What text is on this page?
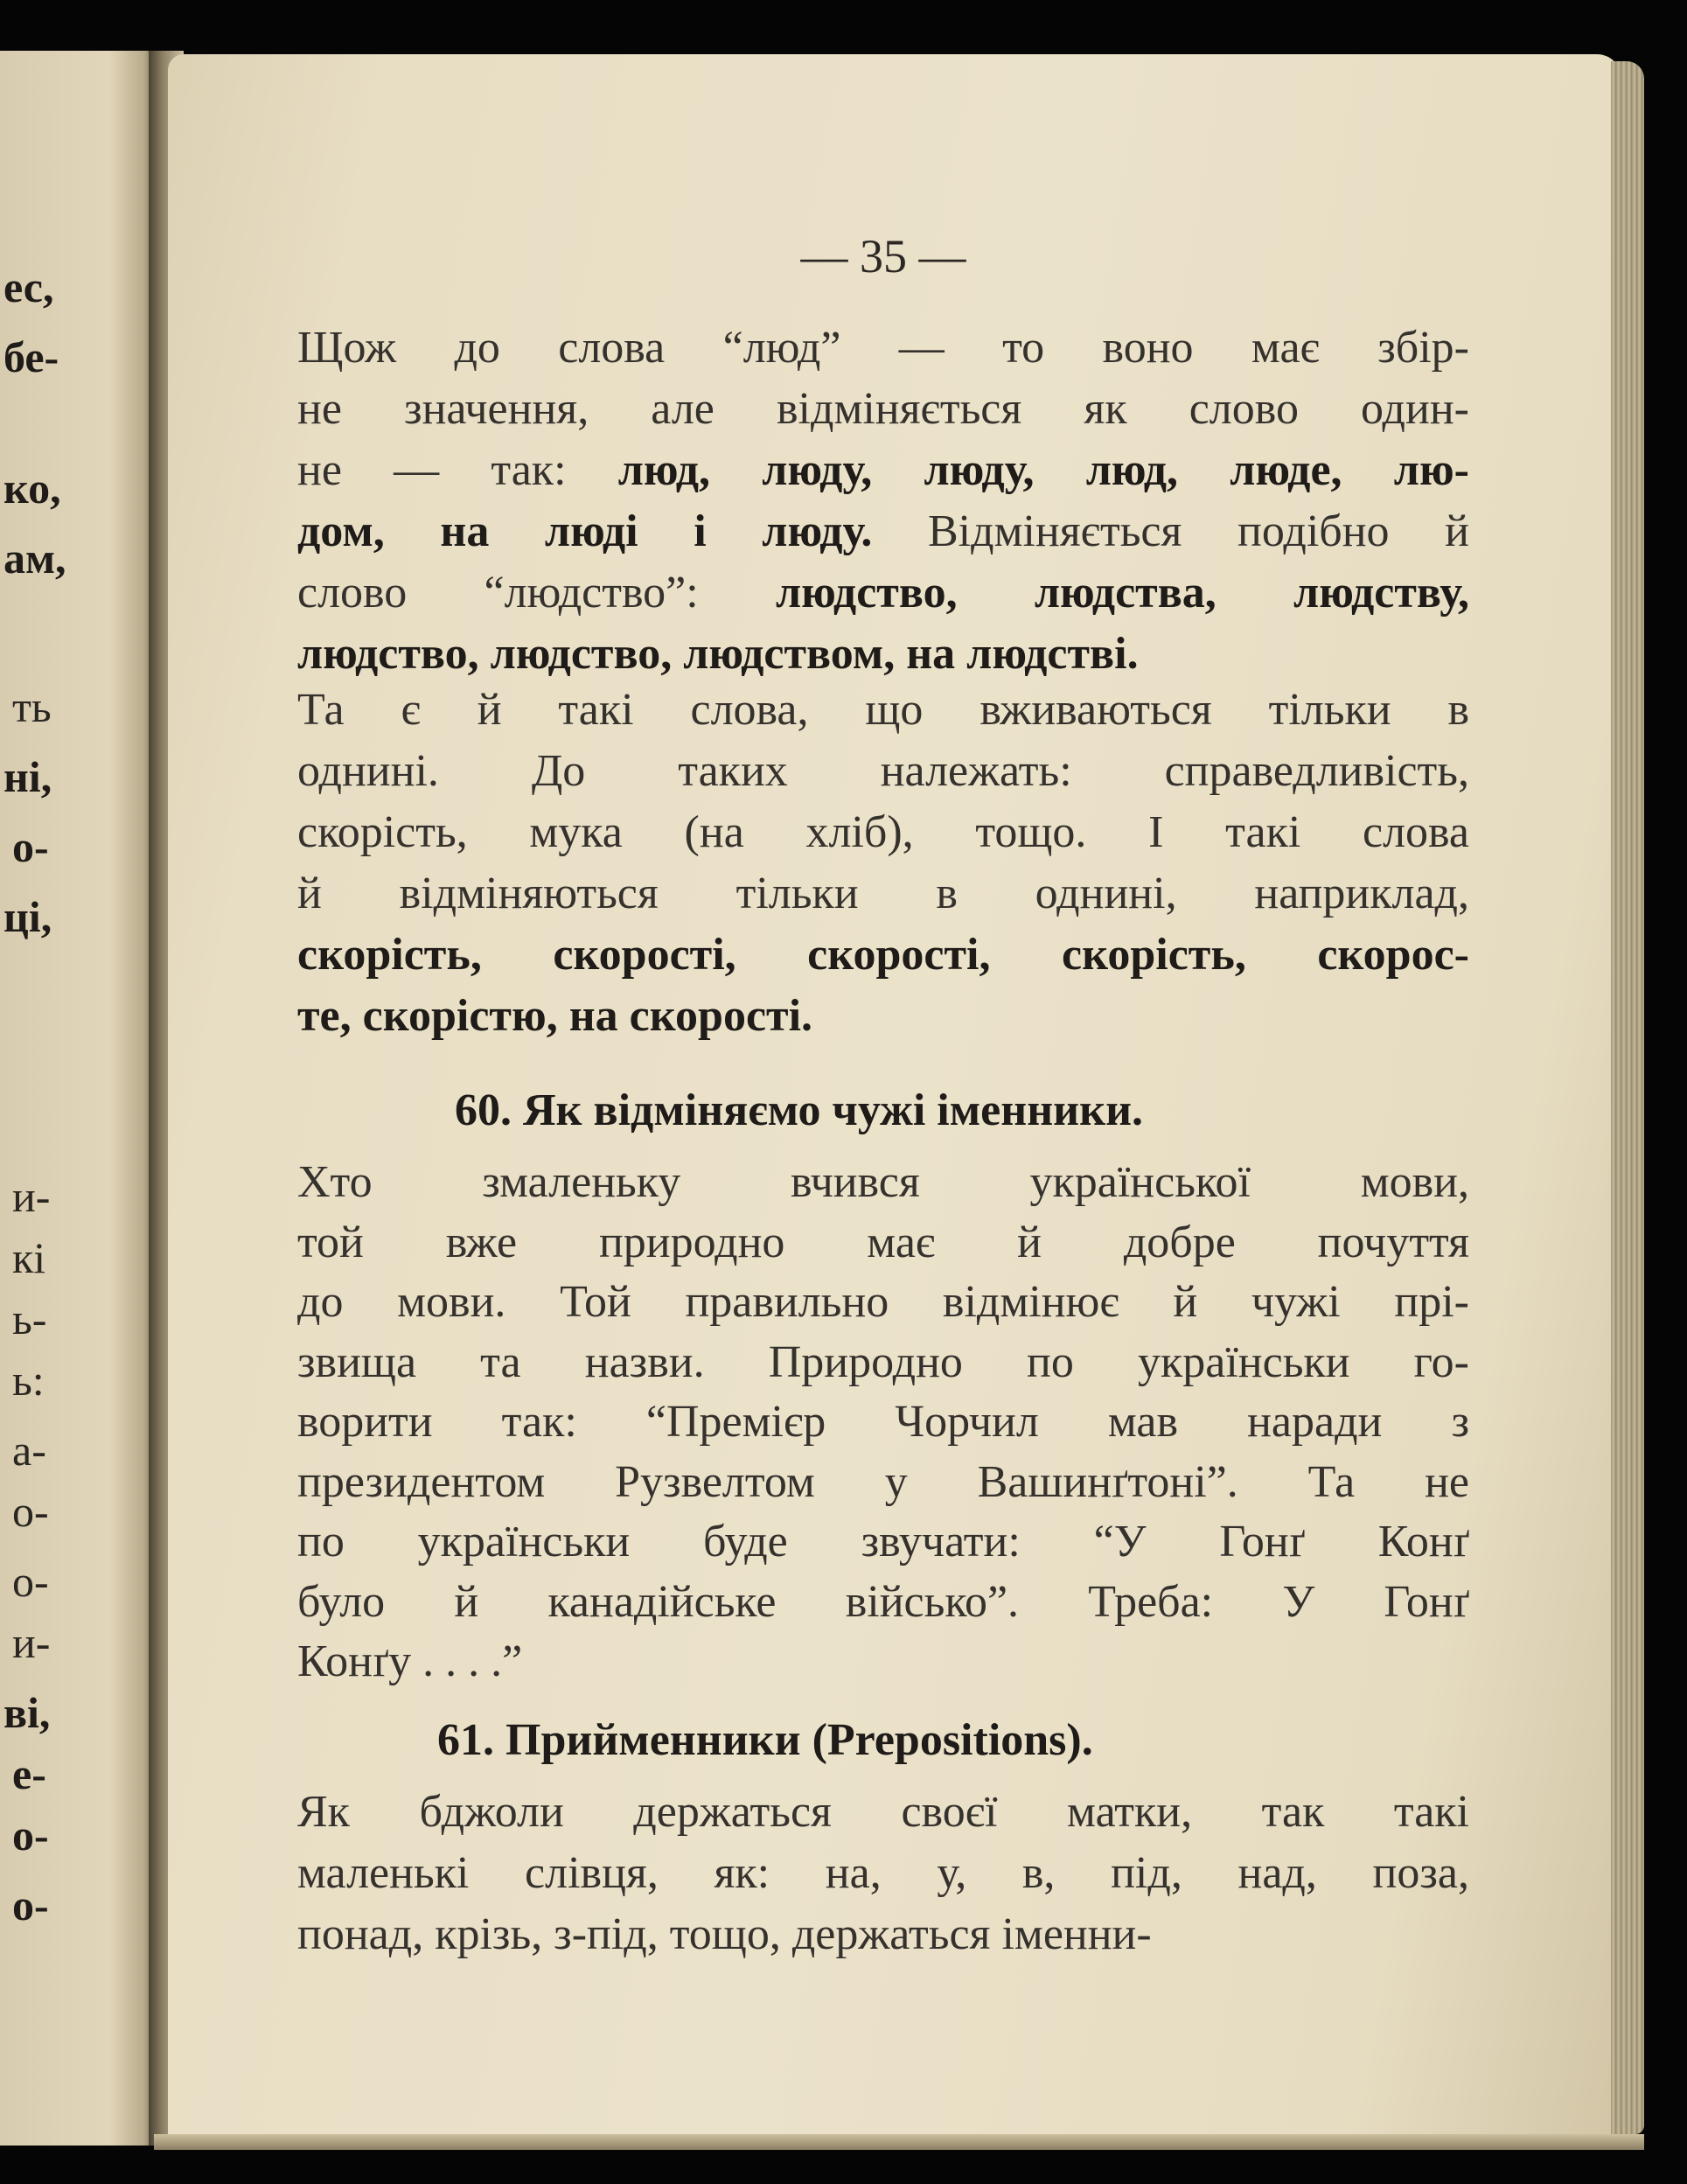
ес,
бе-
ко,
ам,
ть
ні,
о-
ці,
и-
кі
ь-
ь:
а-
о-
о-
и-
ві,
е-
о-
о-
— 35 —
Щож до слова “люд” — то воно має збір-
не значення, але відміняється як слово один-
не — так: люд, люду, люду, люд, люде, лю-
дом, на люді і люду. Відміняється подібно й
слово “людство”: людство, людства, людству,
людство, людство, людством, на людстві.
Та є й такі слова, що вживаються тільки в
однині. До таких належать: справедливість,
скорість, мука (на хліб), тощо. І такі слова
й відміняються тільки в однині, наприклад,
скорість, скорості, скорості, скорість, скорос-
те, скорістю, на скорості.
60. Як відміняємо чужі іменники.
Хто змаленьку вчився української мови,
той вже природно має й добре почуття
до мови. Той правильно відмінює й чужі прі-
звища та назви. Природно по українськи го-
ворити так: “Премієр Чорчил мав наради з
президентом Рузвелтом у Вашинґтоні”. Та не
по українськи буде звучати: “У Гонґ Конґ
було й канадійське військо”. Треба: У Гонґ
Конґу . . . .”
61. Прийменники (Prepositions).
Як бджоли держаться своєї матки, так такі
маленькі слівця, як: на, у, в, під, над, поза,
понад, крізь, з-під, тощо, держаться іменни-
